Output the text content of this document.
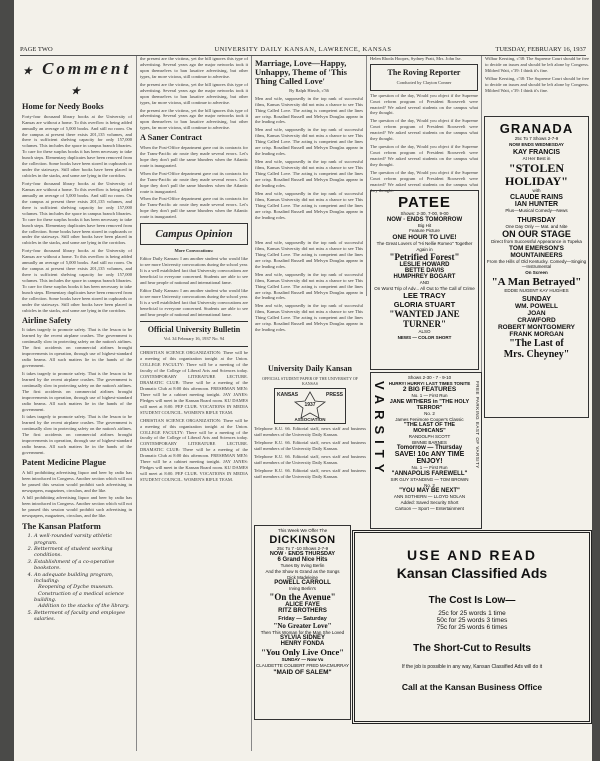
PAGE TWO	UNIVERSITY DAILY KANSAN, LAWRENCE, KANSAS	TUESDAY, FEBRUARY 16, 1937
★ Comment ★
Home for Needy Books

Forty-four thousand library books at the University of Kansas are without a home. To this overflow is being added annually an average of 5,000 books. And still no room. On the campus at present there exists 201,135 volumes, and there is sufficient shelving capacity for only 157,000 volumes. This includes the space in campus branch libraries. To care for these surplus books it has been necessary to take bunch steps. Elementary duplicates have been removed from the collection. Some books have been stored in cupboards or under the stairways. Still other books have been placed in cubicles in the stacks, and some are lying in the corridors.

Forty-four thousand library books at the University of Kansas are without a home. To this overflow is being added annually an average of 5,000 books. And still no room. On the campus at present there exists 201,135 volumes, and there is sufficient shelving capacity for only 157,000 volumes. This includes the space in campus branch libraries. To care for these surplus books it has been necessary to take bunch steps. Elementary duplicates have been removed from the collection. Some books have been stored in cupboards or under the stairways. Still other books have been placed in cubicles in the stacks, and some are lying in the corridors.

Forty-four thousand library books at the University of Kansas are without a home. To this overflow is being added annually an average of 5,000 books. And still no room. On the campus at present there exists 201,135 volumes, and there is sufficient shelving capacity for only 157,000 volumes. This includes the space in campus branch libraries. To care for these surplus books it has been necessary to take bunch steps. Elementary duplicates have been removed from the collection. Some books have been stored in cupboards or under the stairways. Still other books have been placed in cubicles in the stacks, and some are lying in the corridors.

Airline Safety

It takes tragedy to promote safety. That is the lesson to be learned by the recent airplane crashes. The government is continually slow in protecting safety on the nation's airlines. The first accidents on commercial airlines brought improvements in operation, through use of highest-standard radio beams. All such matters lie in the hands of the government.

It takes tragedy to promote safety. That is the lesson to be learned by the recent airplane crashes. The government is continually slow in protecting safety on the nation's airlines. The first accidents on commercial airlines brought improvements in operation, through use of highest-standard radio beams. All such matters lie in the hands of the government.

It takes tragedy to promote safety. That is the lesson to be learned by the recent airplane crashes. The government is continually slow in protecting safety on the nation's airlines. The first accidents on commercial airlines brought improvements in operation, through use of highest-standard radio beams. All such matters lie in the hands of the government.

Patent Medicine Plague

A bill prohibiting advertising liquor and beer by radio has been introduced in Congress. Another section which will not be passed this session would prohibit such advertising in newspapers, magazines, circulars, and the like.

A bill prohibiting advertising liquor and beer by radio has been introduced in Congress. Another section which will not be passed this session would prohibit such advertising in newspapers, magazines, circulars, and the like.

The Kansan Platform
1. A well-rounded varsity athletic program.
2. Betterment of student working conditions.
3. Establishment of a co-operative bookstore.
4. An adequate building program, including:
Reopening of Dyche museum.
Construction of a medical science building.
Addition to the stacks of the library.
5. Betterment of faculty and employee salaries.

the present are the victims, yet the bill ignores this type of advertising. Several years ago the major networks took it upon themselves to ban laxative advertising, but other types, far more vicious, still continue to advertise.

the present are the victims, yet the bill ignores this type of advertising. Several years ago the major networks took it upon themselves to ban laxative advertising, but other types, far more vicious, still continue to advertise.

the present are the victims, yet the bill ignores this type of advertising. Several years ago the major networks took it upon themselves to ban laxative advertising, but other types, far more vicious, still continue to advertise.

A Saner Contract

When the Post-Office department gave out its contracts for the Trans-Pacific air route they made several errors. Let's hope they don't pull the same blunders when the Atlantic route is inaugurated.

When the Post-Office department gave out its contracts for the Trans-Pacific air route they made several errors. Let's hope they don't pull the same blunders when the Atlantic route is inaugurated.

When the Post-Office department gave out its contracts for the Trans-Pacific air route they made several errors. Let's hope they don't pull the same blunders when the Atlantic route is inaugurated.

Campus Opinion

More Convocations:

Editor Daily Kansan: I am another student who would like to see more University convocations during the school year. It is a well established fact that University convocations are beneficial to everyone concerned. Students are able to see and hear people of national and international fame.

Editor Daily Kansan: I am another student who would like to see more University convocations during the school year. It is a well established fact that University convocations are beneficial to everyone concerned. Students are able to see and hear people of national and international fame.

Official University Bulletin
Vol. 34 February 16, 1937 No. 94

CHRISTIAN SCIENCE ORGANIZATION: There will be a meeting of this organization tonight at the Union. COLLEGE FACULTY: There will be a meeting of the faculty of the College of Liberal Arts and Sciences today. CONTEMPORARY LITERATURE LECTURE. DRAMATIC CLUB: There will be a meeting of the Dramatic Club at 8:00 this afternoon. FRESHMAN MEN: There will be a cabinet meeting tonight. JAY JANES: Pledges will meet in the Kansan Board room. KU DAMES will meet at 8:00. PEP CLUB. VOCATIONS IN MEDIA STUDENT COUNCIL. WOMEN'S RIFLE TEAM.

CHRISTIAN SCIENCE ORGANIZATION: There will be a meeting of this organization tonight at the Union. COLLEGE FACULTY: There will be a meeting of the faculty of the College of Liberal Arts and Sciences today. CONTEMPORARY LITERATURE LECTURE. DRAMATIC CLUB: There will be a meeting of the Dramatic Club at 8:00 this afternoon. FRESHMAN MEN: There will be a cabinet meeting tonight. JAY JANES: Pledges will meet in the Kansan Board room. KU DAMES will meet at 8:00. PEP CLUB. VOCATIONS IN MEDIA STUDENT COUNCIL. WOMEN'S RIFLE TEAM.

Marriage, Love—Happy, Unhappy, Theme of 'This Thing Called Love'

By Ralph Hirsch, c'36

Men and wife, supposedly in the top rank of successful films, Kansas University did not miss a chance to see This Thing Called Love. The acting is competent and the lines are crisp. Rosalind Russell and Melvyn Douglas appear in the leading roles.

Men and wife, supposedly in the top rank of successful films, Kansas University did not miss a chance to see This Thing Called Love. The acting is competent and the lines are crisp. Rosalind Russell and Melvyn Douglas appear in the leading roles.

Men and wife, supposedly in the top rank of successful films, Kansas University did not miss a chance to see This Thing Called Love. The acting is competent and the lines are crisp. Rosalind Russell and Melvyn Douglas appear in the leading roles.

Men and wife, supposedly in the top rank of successful films, Kansas University did not miss a chance to see This Thing Called Love. The acting is competent and the lines are crisp. Rosalind Russell and Melvyn Douglas appear in the leading roles.

Men and wife, supposedly in the top rank of successful films, Kansas University did not miss a chance to see This Thing Called Love. The acting is competent and the lines are crisp. Rosalind Russell and Melvyn Douglas appear in the leading roles.

Men and wife, supposedly in the top rank of successful films, Kansas University did not miss a chance to see This Thing Called Love. The acting is competent and the lines are crisp. Rosalind Russell and Melvyn Douglas appear in the leading roles.

Men and wife, supposedly in the top rank of successful films, Kansas University did not miss a chance to see This Thing Called Love. The acting is competent and the lines are crisp. Rosalind Russell and Melvyn Douglas appear in the leading roles.

University Daily Kansan
OFFICIAL STUDENT PAPER OF THE UNIVERSITY OF KANSAS
KANSAS	PRESS
1937
ASSOCIATION

Telephone K.U. 66. Editorial staff, news staff and business staff members of the University Daily Kansan.

Telephone K.U. 66. Editorial staff, news staff and business staff members of the University Daily Kansan.

Telephone K.U. 66. Editorial staff, news staff and business staff members of the University Daily Kansan.

Telephone K.U. 66. Editorial staff, news staff and business staff members of the University Daily Kansan.

Helen Rhoda Hoopes, Sydney Pratt, Mrs. John Ise.

The Roving Reporter
Conducted by Clayton Conner

The question of the day, Would you object if the Supreme Court reform program of President Roosevelt were enacted? We asked several students on the campus what they thought.

The question of the day, Would you object if the Supreme Court reform program of President Roosevelt were enacted? We asked several students on the campus what they thought.

The question of the day, Would you object if the Supreme Court reform program of President Roosevelt were enacted? We asked several students on the campus what they thought.

The question of the day, Would you object if the Supreme Court reform program of President Roosevelt were enacted? We asked several students on the campus what they thought.

Wilbur Kersting, c'38: The Supreme Court should be free to decide on issues and should be left alone by Congress. Mildred Wait, c'39: I think it's fine.

Wilbur Kersting, c'38: The Supreme Court should be free to decide on issues and should be left alone by Congress. Mildred Wait, c'39: I think it's fine.

GRANADA
25c To 7 Shows 2-7-9
NOW ENDS WEDNESDAY
KAY FRANCIS
At Her Best in
"STOLEN HOLIDAY"
with
CLAUDE RAINS
IAN HUNTER
Plus—Musical Comedy—News
THURSDAY
One Day Only — Mat. and Nite
ON OUR STAGE
Direct from Successful Appearance in Topeka
TOM EMERSON'S MOUNTAINEERS
From the Hills of Old Kentucky. Comedy—Singing—Instrumental
On Screen
"A Man Betrayed"
EDDIE NUGENT KAY HUGHES
SUNDAY
WM. POWELL
JOAN
CRAWFORD
ROBERT MONTGOMERY
FRANK MORGAN
"The Last of
Mrs. Cheyney"
PATEE
Shows: 2-30, 7-00, 9-00
NOW · ENDS TOMORROW
Big Hit
Feature Picture
ONE HOUR TO LIVE!
The Great Lovers of "Hi Nellie Romeo" Together Again in
"Petrified Forest"
LESLIE HOWARD
BETTE DAVIS
HUMPHREY BOGART
AND
On Worst Trip of Adv... All Out to The Call of Crime
LEE TRACY
GLORIA STUART
"WANTED JANE TURNER"
ALSO
NEWS — COLOR SHORT
VARSITY	FREE PARKING EAST OF VARSITY
Shows 2-30 - 7 - 9-10
HURRY! HURRY! LAST TIMES TONITE
2 BIG FEATURES
No. 1 — First Run
JANE WITHERS in "THE HOLY TERROR"
No. 2
James Fenimore Cooper's Classic
"THE LAST OF THE MOHICANS"
RANDOLPH SCOTT
BINNIE BARNES
Tomorrow — Thursday
SAVE! 10c ANY TIME ENJOY!
No. 1 — First Run
"ANNAPOLIS FAREWELL"
SIR GUY STANDING — TOM BROWN
No. 2
"YOU MAY BE NEXT"
ANN SOTHERN — LLOYD NOLAN
Added: Saved Security Short
Cartoon — Sport — Entertainment
This Week We Offer The
DICKINSON
25c To 7 -10 Shows 2-7-9
NOW · ENDS THURSDAY
6 Grand Nice Hits
Tunes By Irving Berlin
And the Show Is Grand as the Songs
Dick Madeleine
POWELL CARROLL
Irving Berlin's
"On the Avenue"
ALICE FAYE
RITZ BROTHERS
Friday — Saturday
"No Greater Love"
Then This Woman for the Man She Loved
SYLVIA SIDNEY
HENRY FONDA
"You Only Live Once"
SUNDAY — Now Vu
CLAUDETTE COLBERT FRED MACMURRAY
"MAID OF SALEM"
USE AND READ
Kansan Classified Ads
The Cost Is Low—
25c for 25 words 1 time
50c for 25 words 3 times
75c for 25 words 6 times
The Short-Cut to Results
If the job is possible in any way, Kansan Classified Ads will do it
Call at the Kansan Business Office
